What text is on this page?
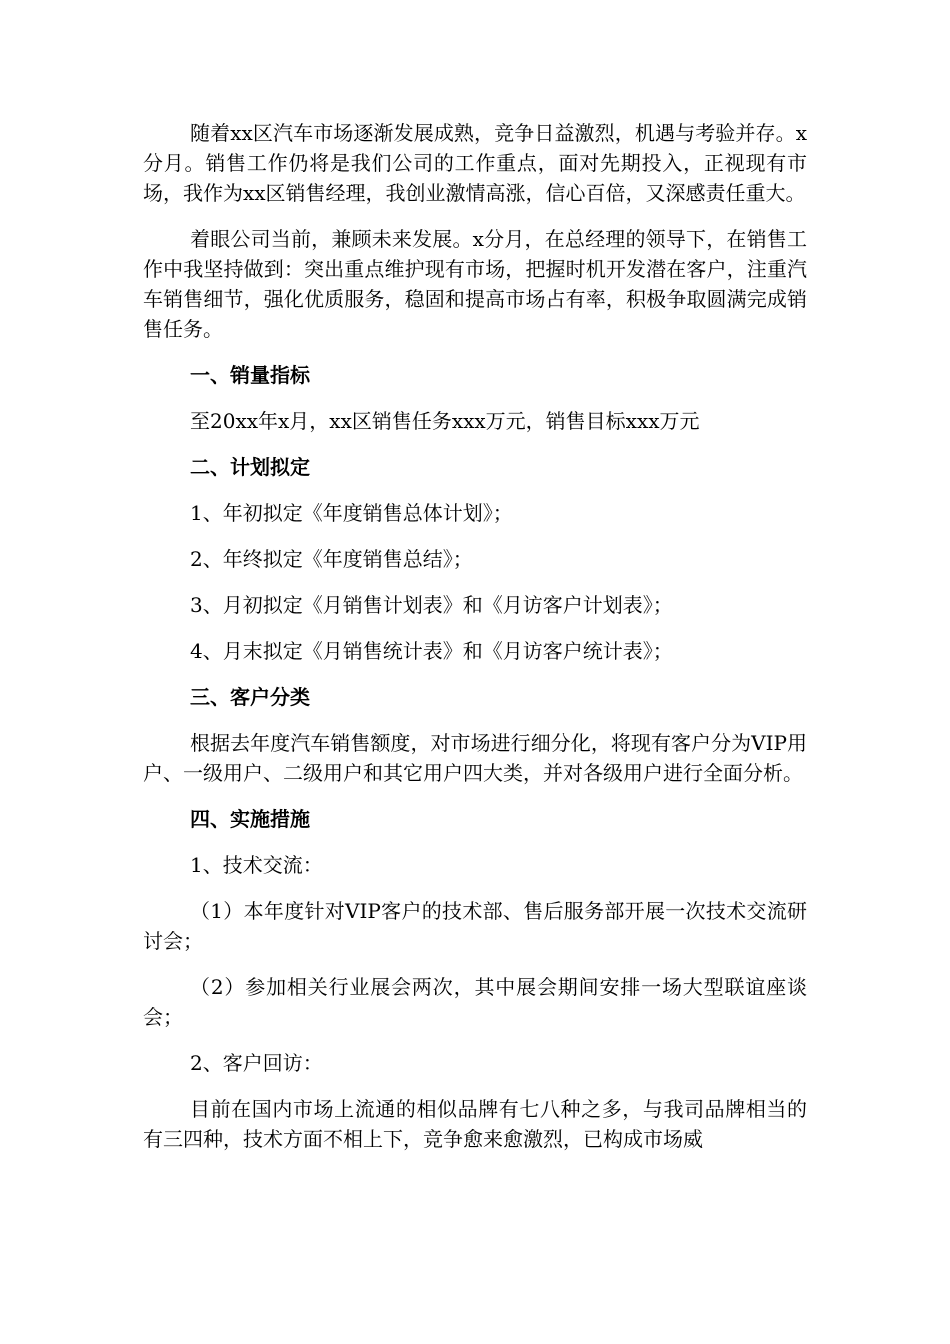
随着xx区汽车市场逐渐发展成熟，竞争日益激烈，机遇与考验并存。x分月。销售工作仍将是我们公司的工作重点，面对先期投入，正视现有市场，我作为xx区销售经理，我创业激情高涨，信心百倍，又深感责任重大。

着眼公司当前，兼顾未来发展。x分月，在总经理的领导下，在销售工作中我坚持做到：突出重点维护现有市场，把握时机开发潜在客户，注重汽车销售细节，强化优质服务，稳固和提高市场占有率，积极争取圆满完成销售任务。

一、销量指标

至20xx年x月，xx区销售任务xxx万元，销售目标xxx万元

二、计划拟定

1、年初拟定《年度销售总体计划》；

2、年终拟定《年度销售总结》；

3、月初拟定《月销售计划表》和《月访客户计划表》；

4、月末拟定《月销售统计表》和《月访客户统计表》；

三、客户分类

根据去年度汽车销售额度，对市场进行细分化，将现有客户分为VIP用户、一级用户、二级用户和其它用户四大类，并对各级用户进行全面分析。

四、实施措施

1、技术交流：

（1）本年度针对VIP客户的技术部、售后服务部开展一次技术交流研讨会；

（2）参加相关行业展会两次，其中展会期间安排一场大型联谊座谈会；

2、客户回访：

目前在国内市场上流通的相似品牌有七八种之多，与我司品牌相当的有三四种，技术方面不相上下，竞争愈来愈激烈，已构成市场威
